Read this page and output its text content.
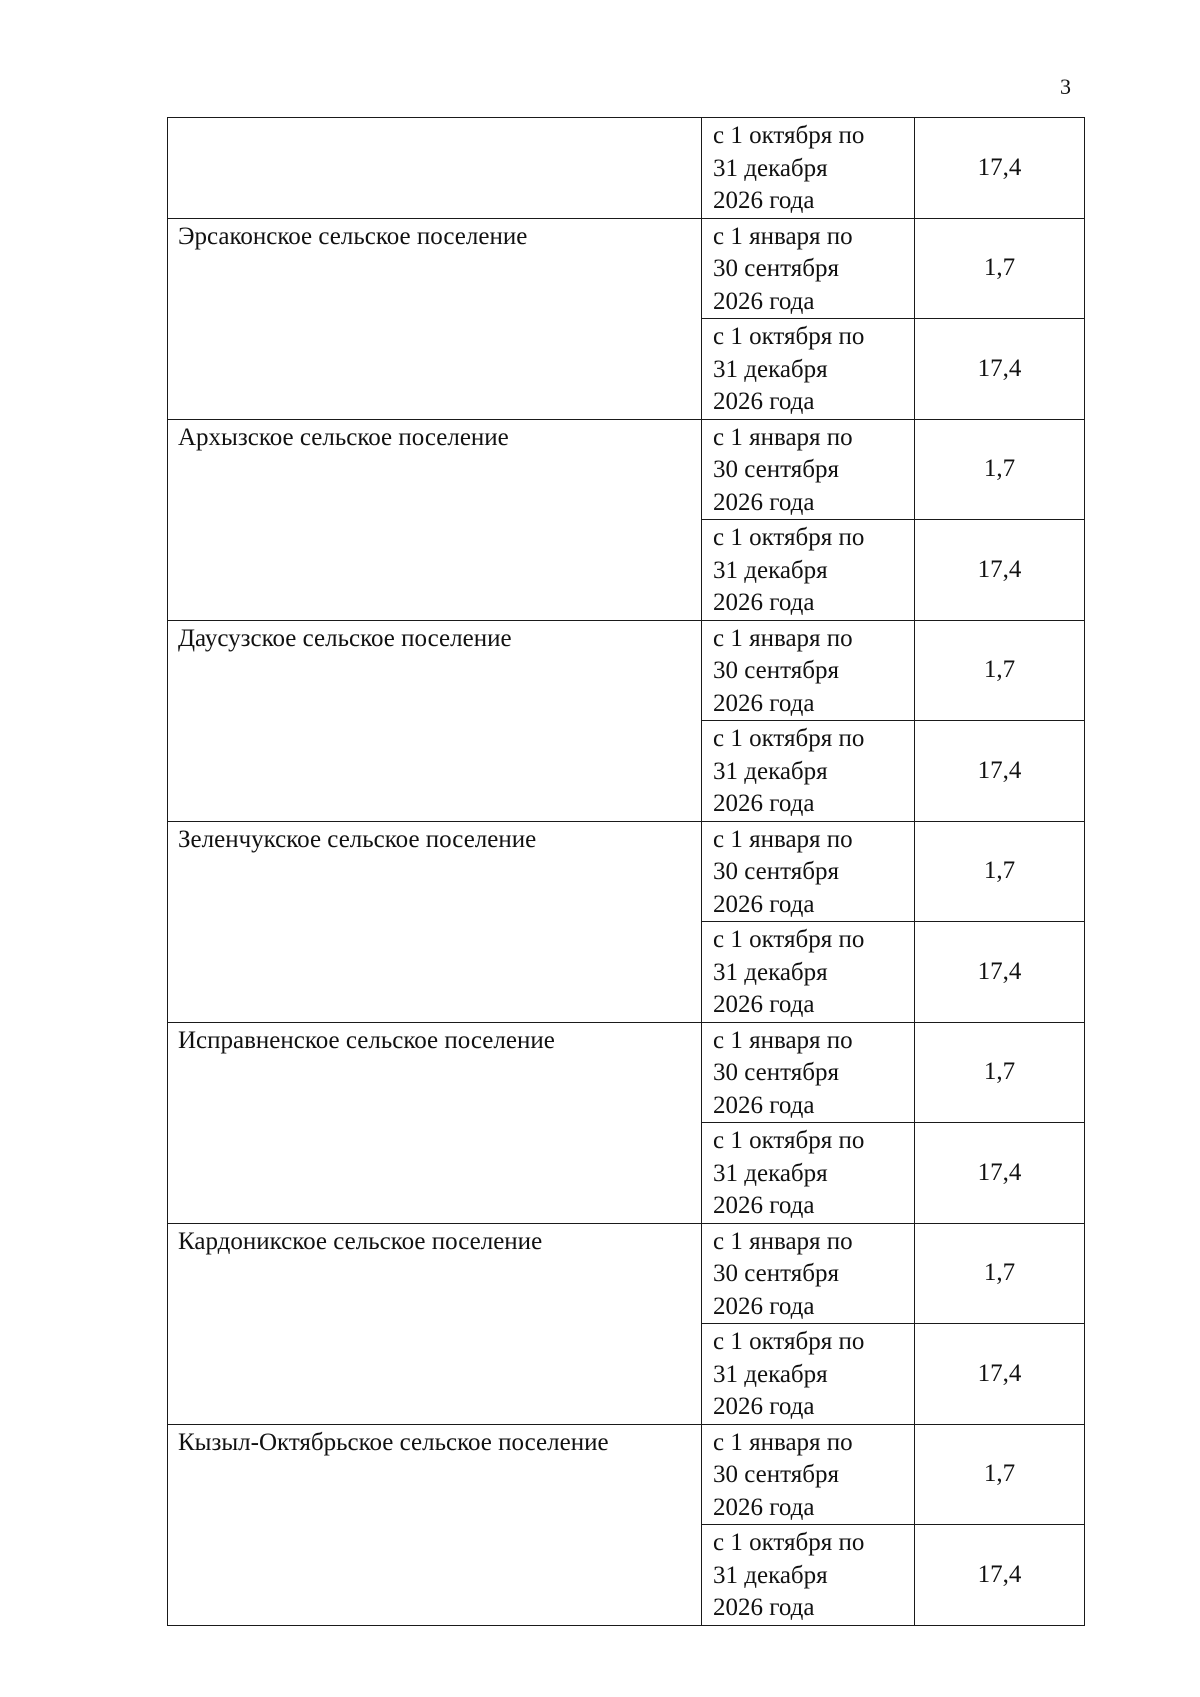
3

	с 1 октября по
31 декабря
2026 года	17,4
Эрсаконское сельское поселение	с 1 января по
30 сентября
2026 года	1,7

	с 1 октября по
31 декабря
2026 года	17,4
Архызское сельское поселение	с 1 января по
30 сентября
2026 года	1,7

	с 1 октября по
31 декабря
2026 года	17,4
Даусузское сельское поселение	с 1 января по
30 сентября
2026 года	1,7

	с 1 октября по
31 декабря
2026 года	17,4
Зеленчукское сельское поселение	с 1 января по
30 сентября
2026 года	1,7

	с 1 октября по
31 декабря
2026 года	17,4
Исправненское сельское поселение	с 1 января по
30 сентября
2026 года	1,7

	с 1 октября по
31 декабря
2026 года	17,4
Кардоникское сельское поселение	с 1 января по
30 сентября
2026 года	1,7

	с 1 октября по
31 декабря
2026 года	17,4
Кызыл-Октябрьское сельское поселение	с 1 января по
30 сентября
2026 года	1,7

	с 1 октября по
31 декабря
2026 года	17,4
